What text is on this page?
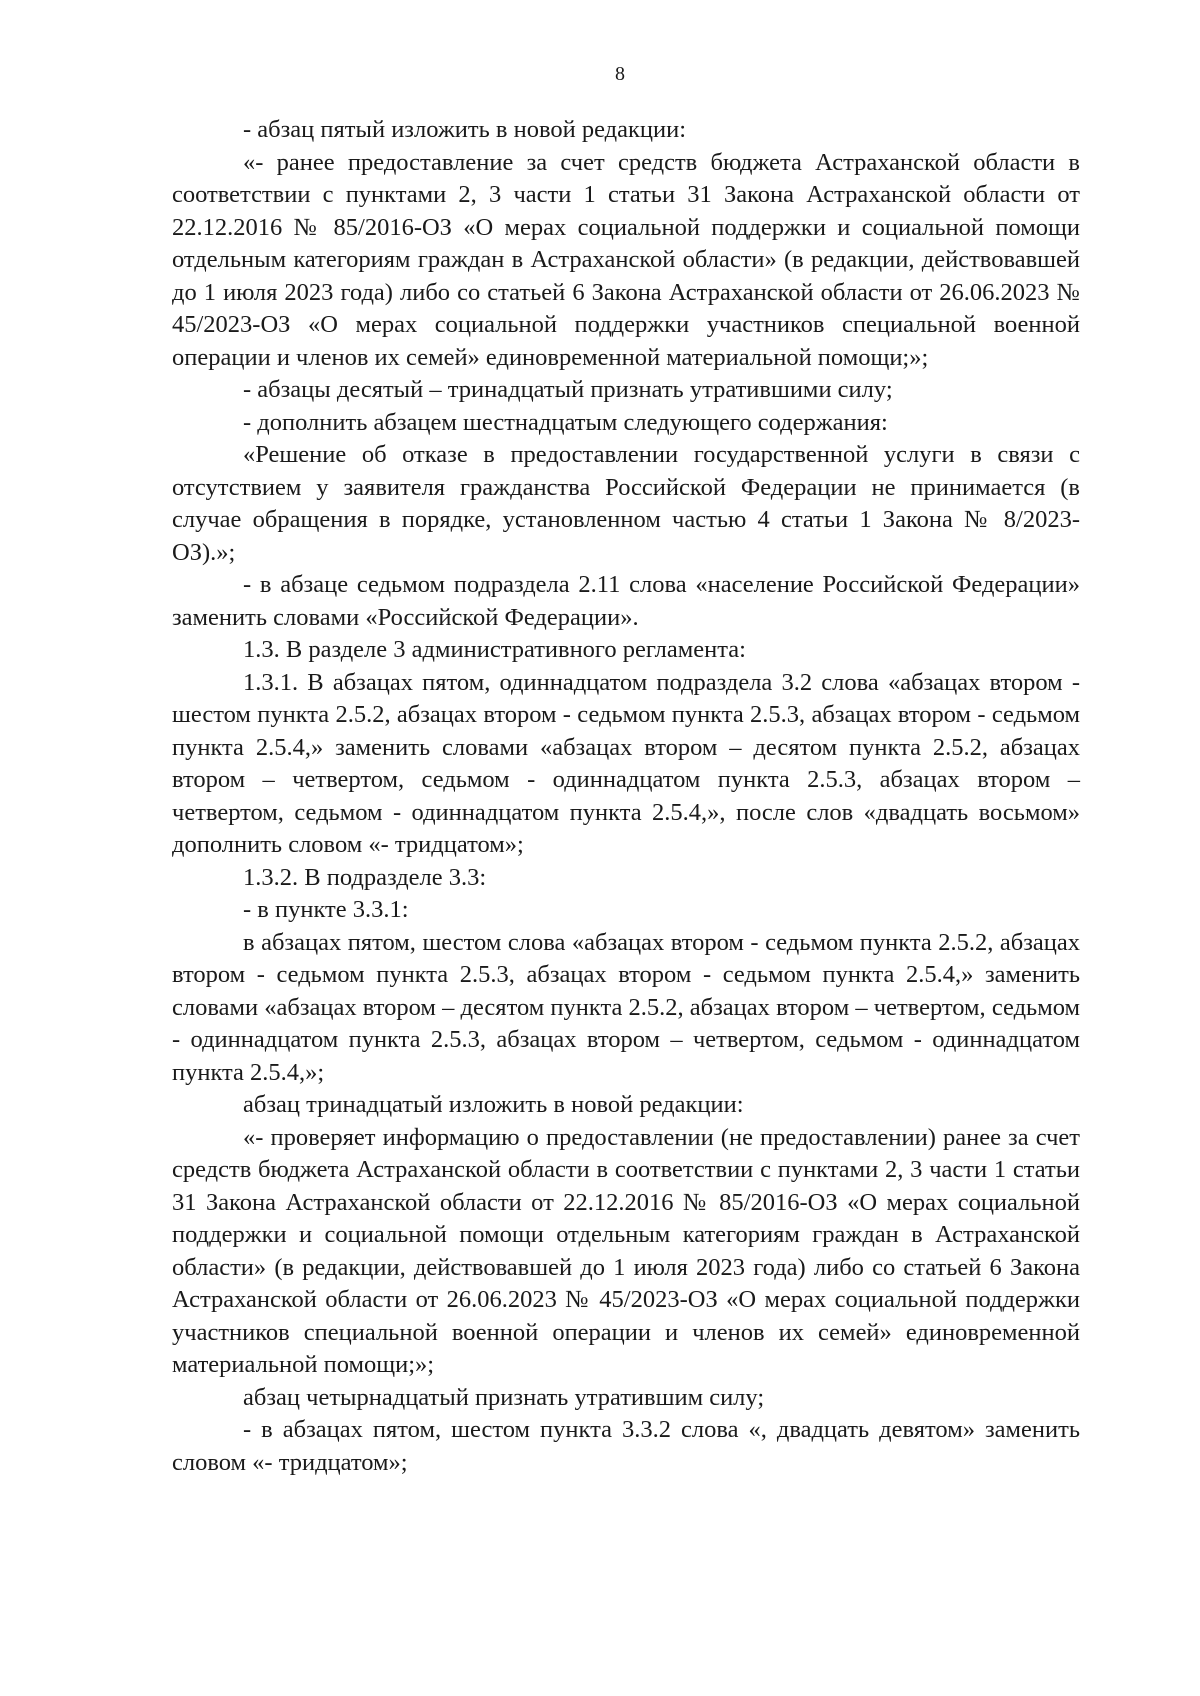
8

- абзац пятый изложить в новой редакции:

«- ранее предоставление за счет средств бюджета Астраханской области в соответствии с пунктами 2, 3 части 1 статьи 31 Закона Астраханской области от 22.12.2016 № 85/2016-ОЗ «О мерах социальной поддержки и социальной помощи отдельным категориям граждан в Астраханской области» (в редакции, действовавшей до 1 июля 2023 года) либо со статьей 6 Закона Астраханской области от 26.06.2023 № 45/2023-ОЗ «О мерах социальной поддержки участников специальной военной операции и членов их семей» единовременной материальной помощи;»;

- абзацы десятый – тринадцатый признать утратившими силу;

- дополнить абзацем шестнадцатым следующего содержания:

«Решение об отказе в предоставлении государственной услуги в связи с отсутствием у заявителя гражданства Российской Федерации не принимается (в случае обращения в порядке, установленном частью 4 статьи 1 Закона № 8/2023-ОЗ).»;

- в абзаце седьмом подраздела 2.11 слова «население Российской Федерации» заменить словами «Российской Федерации».

1.3. В разделе 3 административного регламента:

1.3.1. В абзацах пятом, одиннадцатом подраздела 3.2 слова «абзацах втором - шестом пункта 2.5.2, абзацах втором - седьмом пункта 2.5.3, абзацах втором - седьмом пункта 2.5.4,» заменить словами «абзацах втором – десятом пункта 2.5.2, абзацах втором – четвертом, седьмом - одиннадцатом пункта 2.5.3, абзацах втором – четвертом, седьмом - одиннадцатом пункта 2.5.4,», после слов «двадцать восьмом» дополнить словом «- тридцатом»;

1.3.2. В подразделе 3.3:

- в пункте 3.3.1:

в абзацах пятом, шестом слова «абзацах втором - седьмом пункта 2.5.2, абзацах втором - седьмом пункта 2.5.3, абзацах втором - седьмом пункта 2.5.4,» заменить словами «абзацах втором – десятом пункта 2.5.2, абзацах втором – четвертом, седьмом - одиннадцатом пункта 2.5.3, абзацах втором – четвертом, седьмом - одиннадцатом пункта 2.5.4,»;

абзац тринадцатый изложить в новой редакции:

«- проверяет информацию о предоставлении (не предоставлении) ранее за счет средств бюджета Астраханской области в соответствии с пунктами 2, 3 части 1 статьи 31 Закона Астраханской области от 22.12.2016 № 85/2016-ОЗ «О мерах социальной поддержки и социальной помощи отдельным категориям граждан в Астраханской области» (в редакции, действовавшей до 1 июля 2023 года) либо со статьей 6 Закона Астраханской области от 26.06.2023 № 45/2023-ОЗ «О мерах социальной поддержки участников специальной военной операции и членов их семей» единовременной материальной помощи;»;

абзац четырнадцатый признать утратившим силу;

- в абзацах пятом, шестом пункта 3.3.2 слова «, двадцать девятом» заменить словом «- тридцатом»;
